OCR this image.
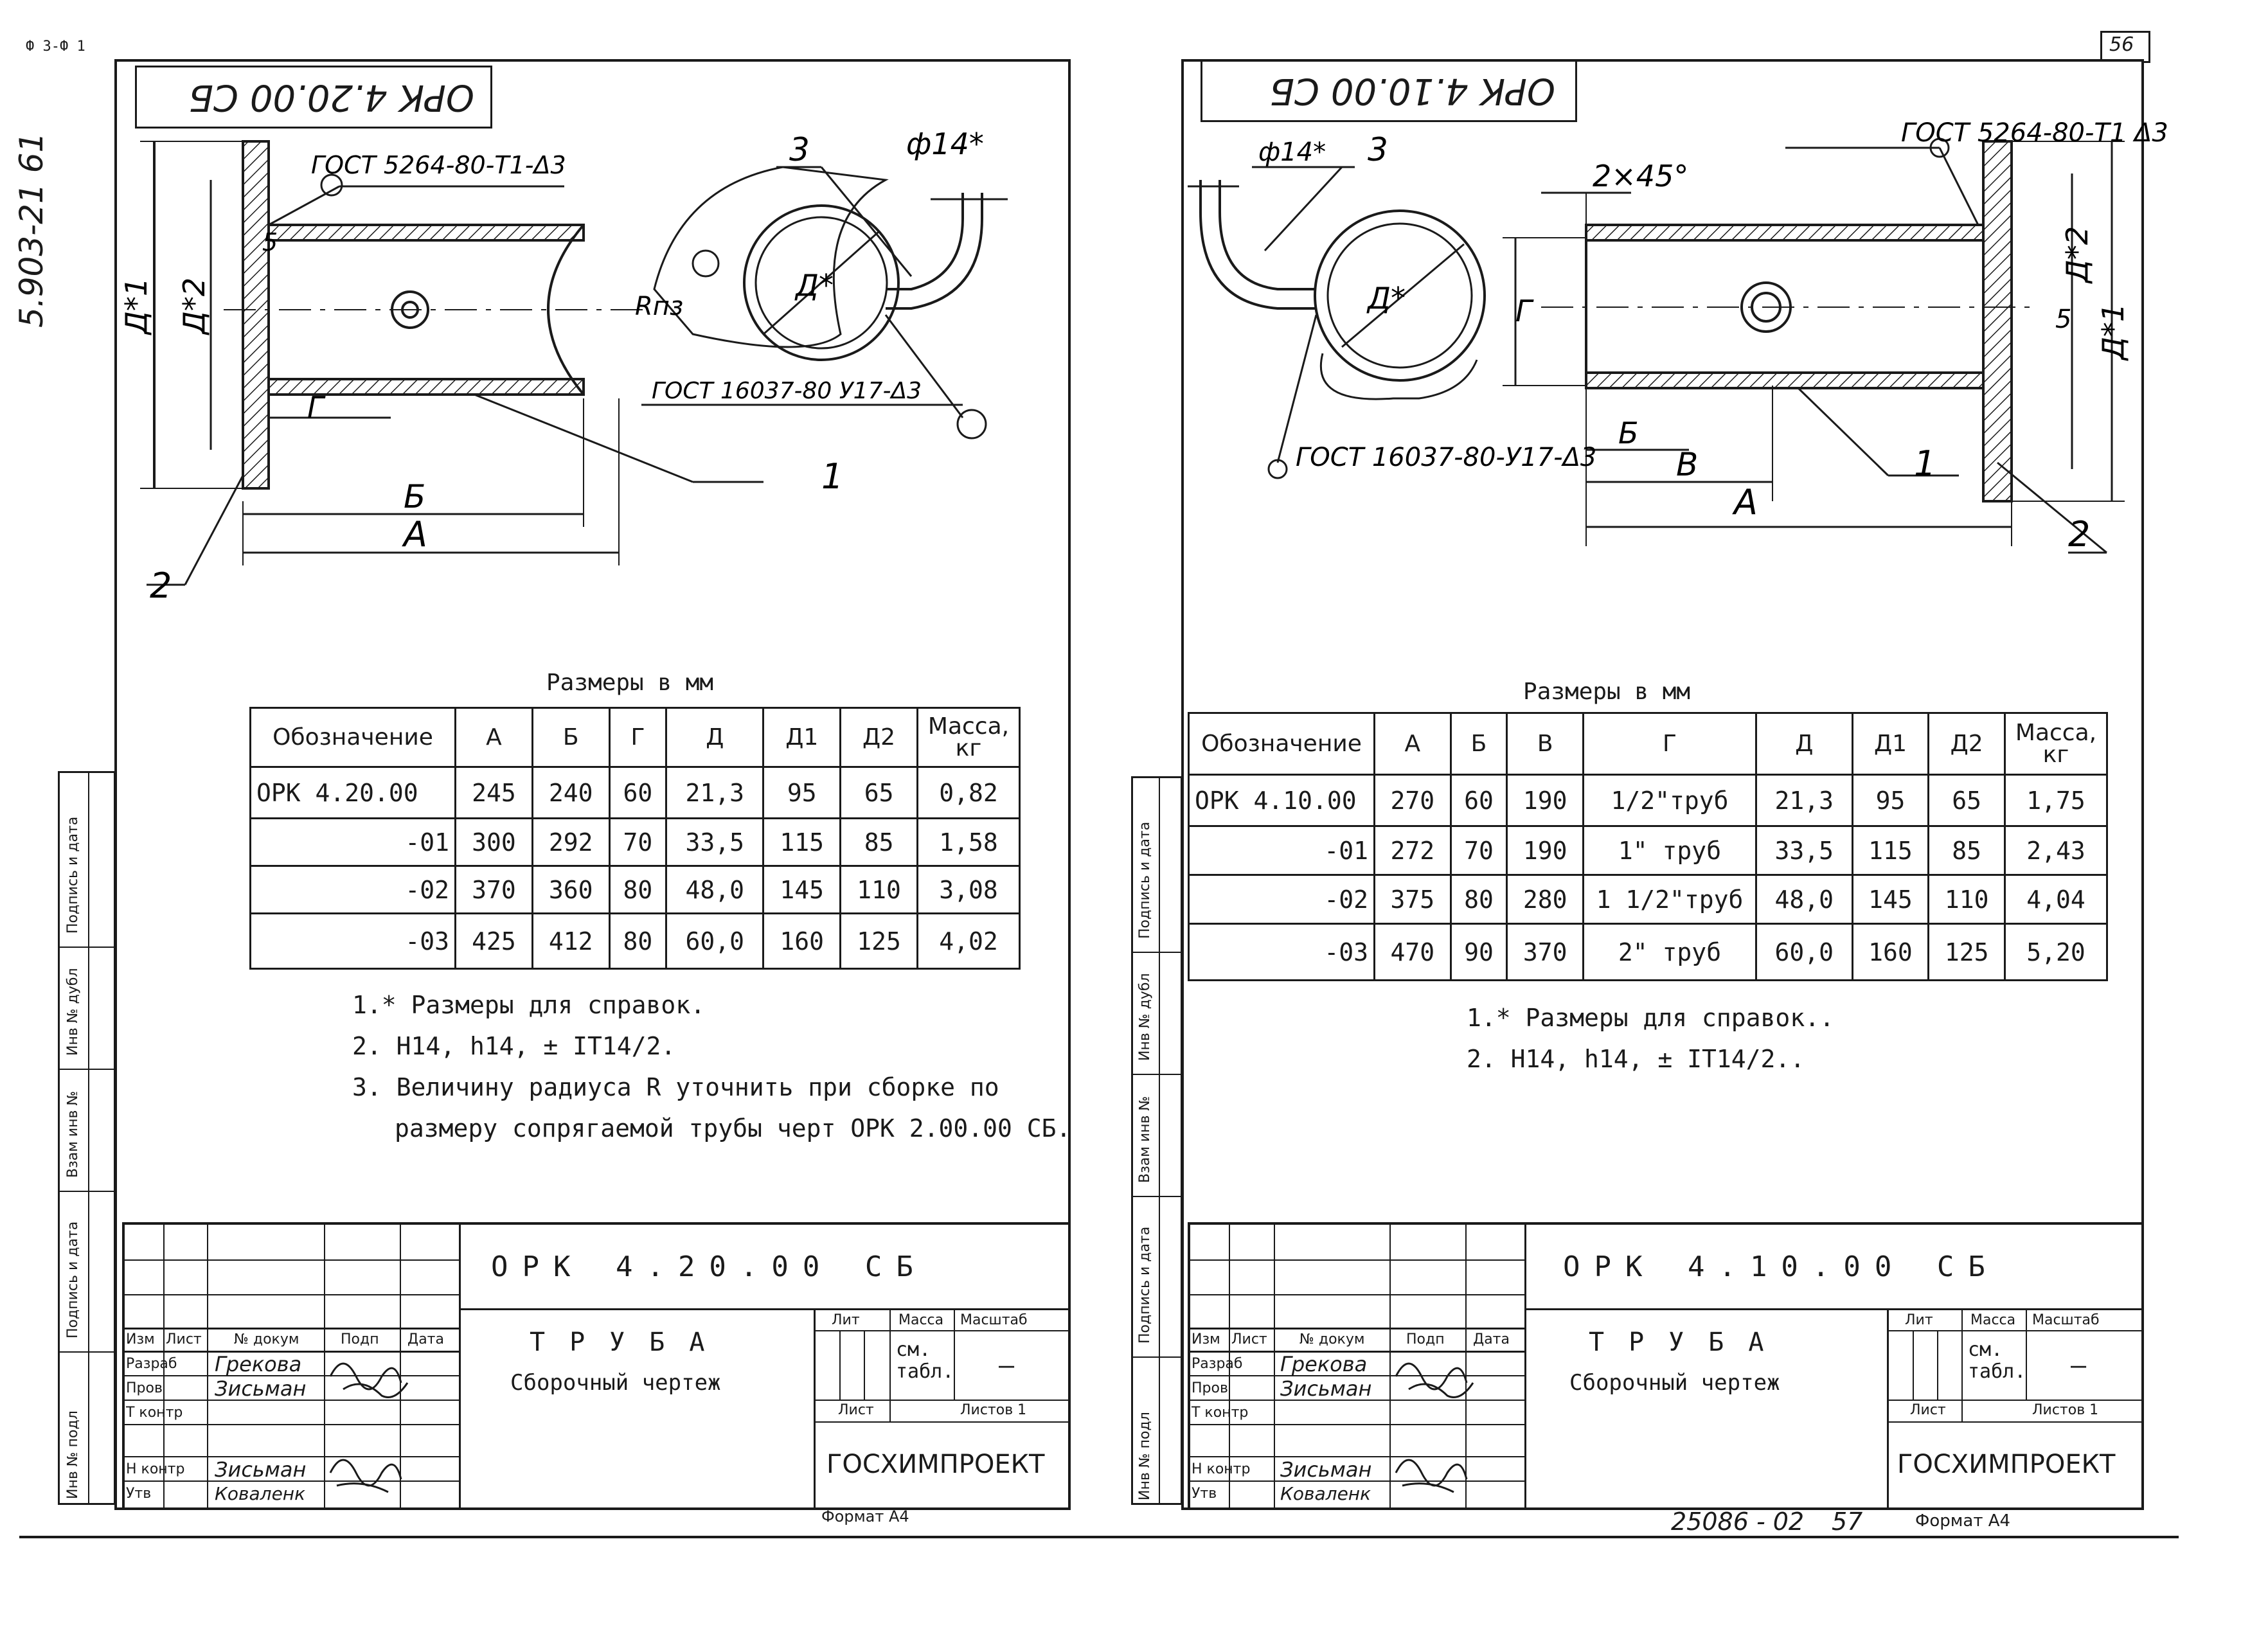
Ф 3-Ф 1
5.903-21 61
56
ОРК 4.20.00 СБ
5
ГОСТ 5264-80-Т1-Δ3
ГОСТ 16037-80 У17-Δ3
ф14*
3
1
2
Г
Б
А
Rпз
Д*
Д*1 Д*2
Размеры в мм
Обозначение	А	Б	Г	Д	Д1	Д2	Масса, кг
ОРК 4.20.00	245	240	60	21,3	95	65	0,82
-01	300	292	70	33,5	115	85	1,58
-02	370	360	80	48,0	145	110	3,08
-03	425	412	80	60,0	160	125	4,02
1.* Размеры для справок.
2. Н14, h14, ± IT14/2.
3. Величину радиуса R уточнить при сборке по
размеру сопрягаемой трубы черт ОРК 2.00.00 СБ.
Подпись и дата
Инв № дубл
Взам инв №
Подпись и дата
Инв № подл
Изм Лист № докум	Подп Дата
Разраб Грекова
Пров	Зисьман
Т контр
Н контр Зисьман
Утв	Коваленк
ОРК 4.20.00 СБ
ТРУБА
Сборочный чертеж
Лит	Масса Масштаб
см. табл. –
Лист	Листов 1
ГОСХИМПРОЕКТ
Формат А4
ОРК 4.10.00 СБ
ГОСТ 5264-80-Т1 Δ3
ГОСТ 16037-80-У17-Δ3
2×45°
ф14* 3
1
2
5
Г
Б
В
А
Д*
Д*1
Д*2
Размеры в мм
Обозначение	А	Б	В	Г	Д	Д1	Д2	Масса, кг
ОРК 4.10.00	270	60	190	1/2"труб	21,3	95	65	1,75
-01	272	70	190	1" труб	33,5	115	85	2,43
-02	375	80	280	1 1/2"труб	48,0	145	110	4,04
-03	470	90	370	2" труб	60,0	160	125	5,20
1.* Размеры для справок..
2. Н14, h14, ± IT14/2..
Подпись и дата
Инв № дубл
Взам инв №
Подпись и дата
Инв № подл
Изм Лист № докум	Подп Дата
Разраб Грекова
Пров	Зисьман
Т контр
Н контр Зисьман
Утв	Коваленк
ОРК 4.10.00 СБ
ТРУБА
Сборочный чертеж
Лит	Масса Масштаб
см. табл. –
Лист	Листов 1
ГОСХИМПРОЕКТ
25086 - 02 57	Формат А4
